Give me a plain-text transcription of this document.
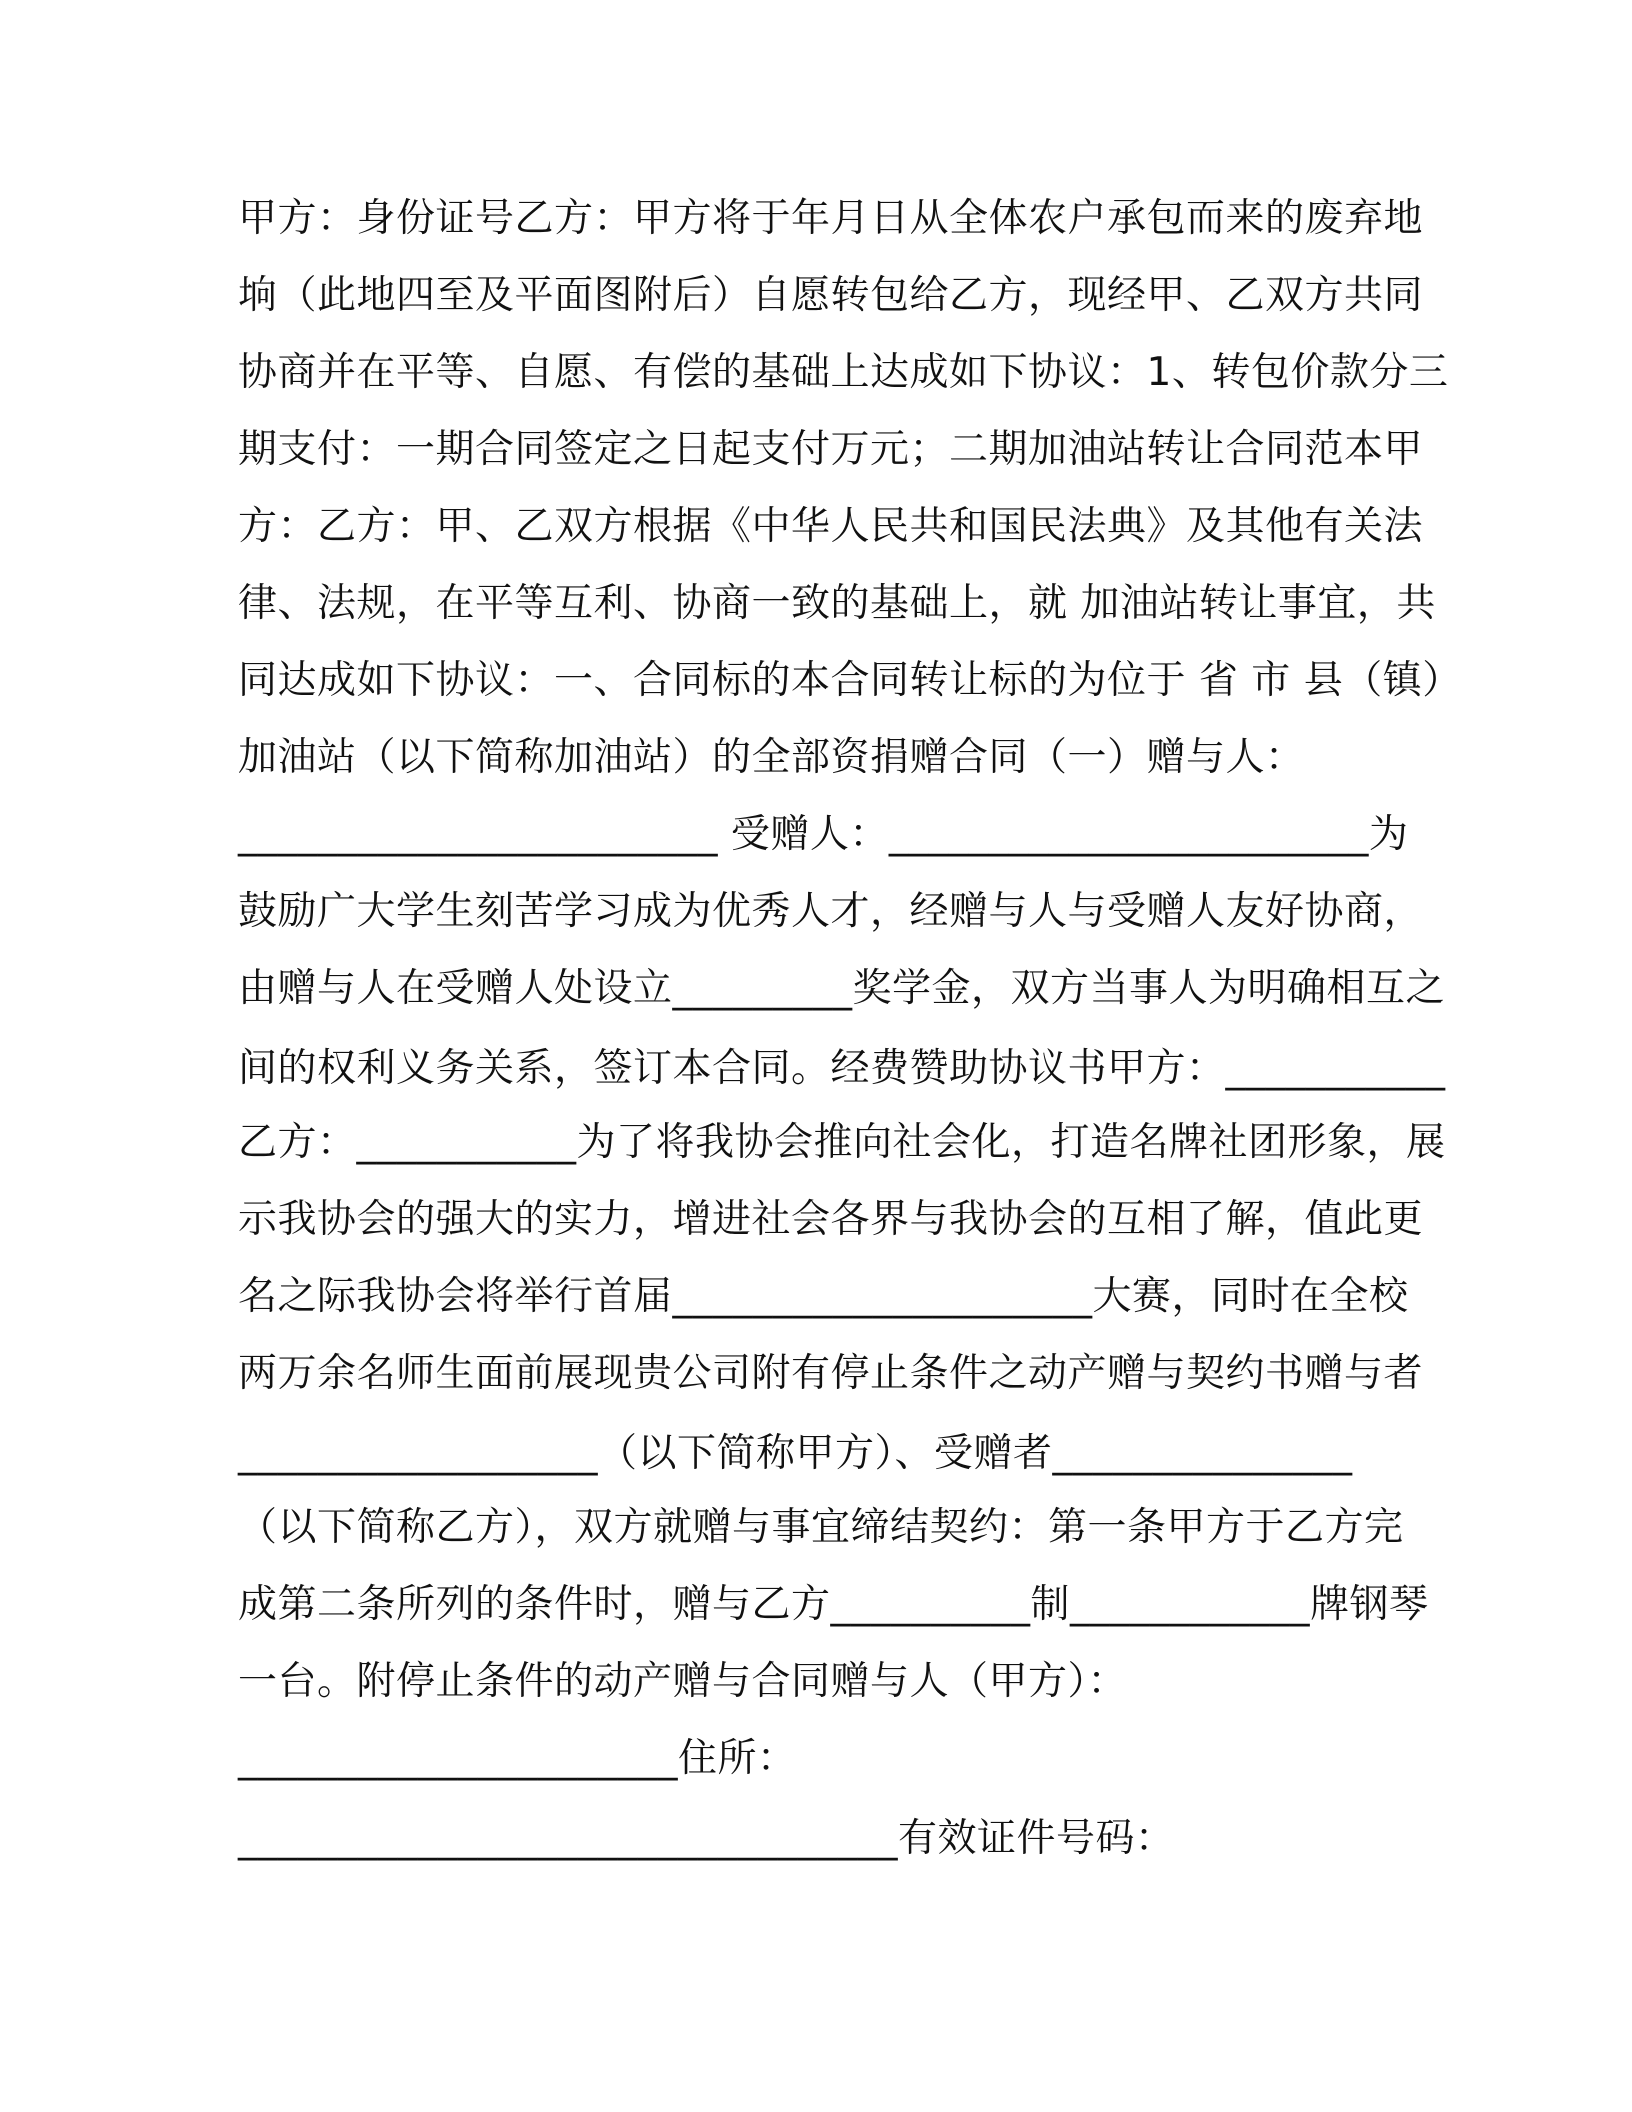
甲方：身份证号乙方：甲方将于年月日从全体农户承包而来的废弃地
垧（此地四至及平面图附后）自愿转包给乙方，现经甲、乙双方共同
协商并在平等、自愿、有偿的基础上达成如下协议：1、转包价款分三
期支付：一期合同签定之日起支付万元；二期加油站转让合同范本甲
方：乙方：甲、乙双方根据《中华人民共和国民法典》及其他有关法
律、法规，在平等互利、协商一致的基础上，就 加油站转让事宜，共
同达成如下协议：一、合同标的本合同转让标的为位于 省 市 县（镇）
加油站（以下简称加油站）的全部资捐赠合同（一）赠与人：
________________________ 受赠人：________________________为
鼓励广大学生刻苦学习成为优秀人才，经赠与人与受赠人友好协商，
由赠与人在受赠人处设立_________奖学金，双方当事人为明确相互之
间的权利义务关系，签订本合同。经费赞助协议书甲方：___________
乙方：___________为了将我协会推向社会化，打造名牌社团形象，展
示我协会的强大的实力，增进社会各界与我协会的互相了解，值此更
名之际我协会将举行首届_____________________大赛，同时在全校
两万余名师生面前展现贵公司附有停止条件之动产赠与契约书赠与者
__________________（以下简称甲方）、受赠者_______________
（以下简称乙方），双方就赠与事宜缔结契约：第一条甲方于乙方完
成第二条所列的条件时，赠与乙方__________制____________牌钢琴
一台。附停止条件的动产赠与合同赠与人（甲方）：
______________________住所：
_________________________________有效证件号码：
